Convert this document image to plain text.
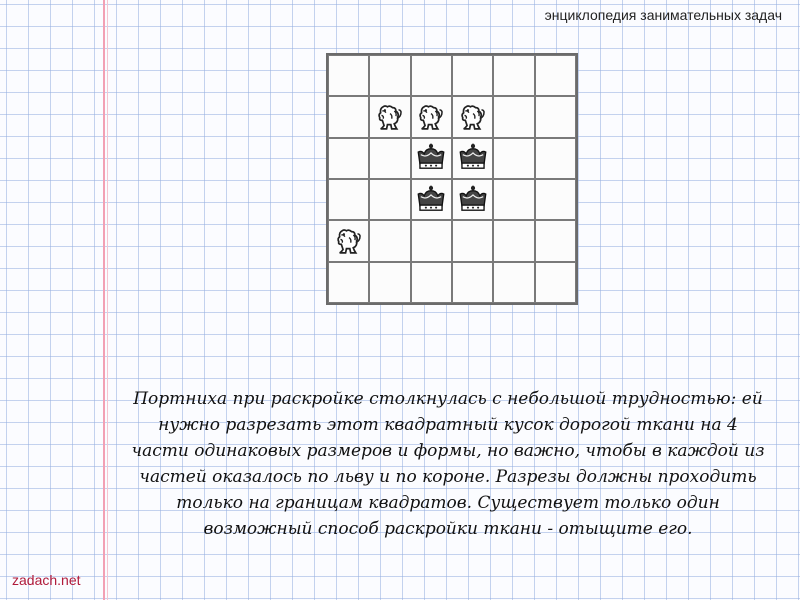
энциклопедия занимательных задач

Портниха при раскройке столкнулась с небольшой трудностью: ей нужно разрезать этот квадратный кусок дорогой ткани на 4 части одинаковых размеров и формы, но важно, чтобы в каждой из частей оказалось по льву и по короне. Разрезы должны проходить только на границам квадратов. Существует только один возможный способ раскройки ткани - отыщите его.

zadach.net
